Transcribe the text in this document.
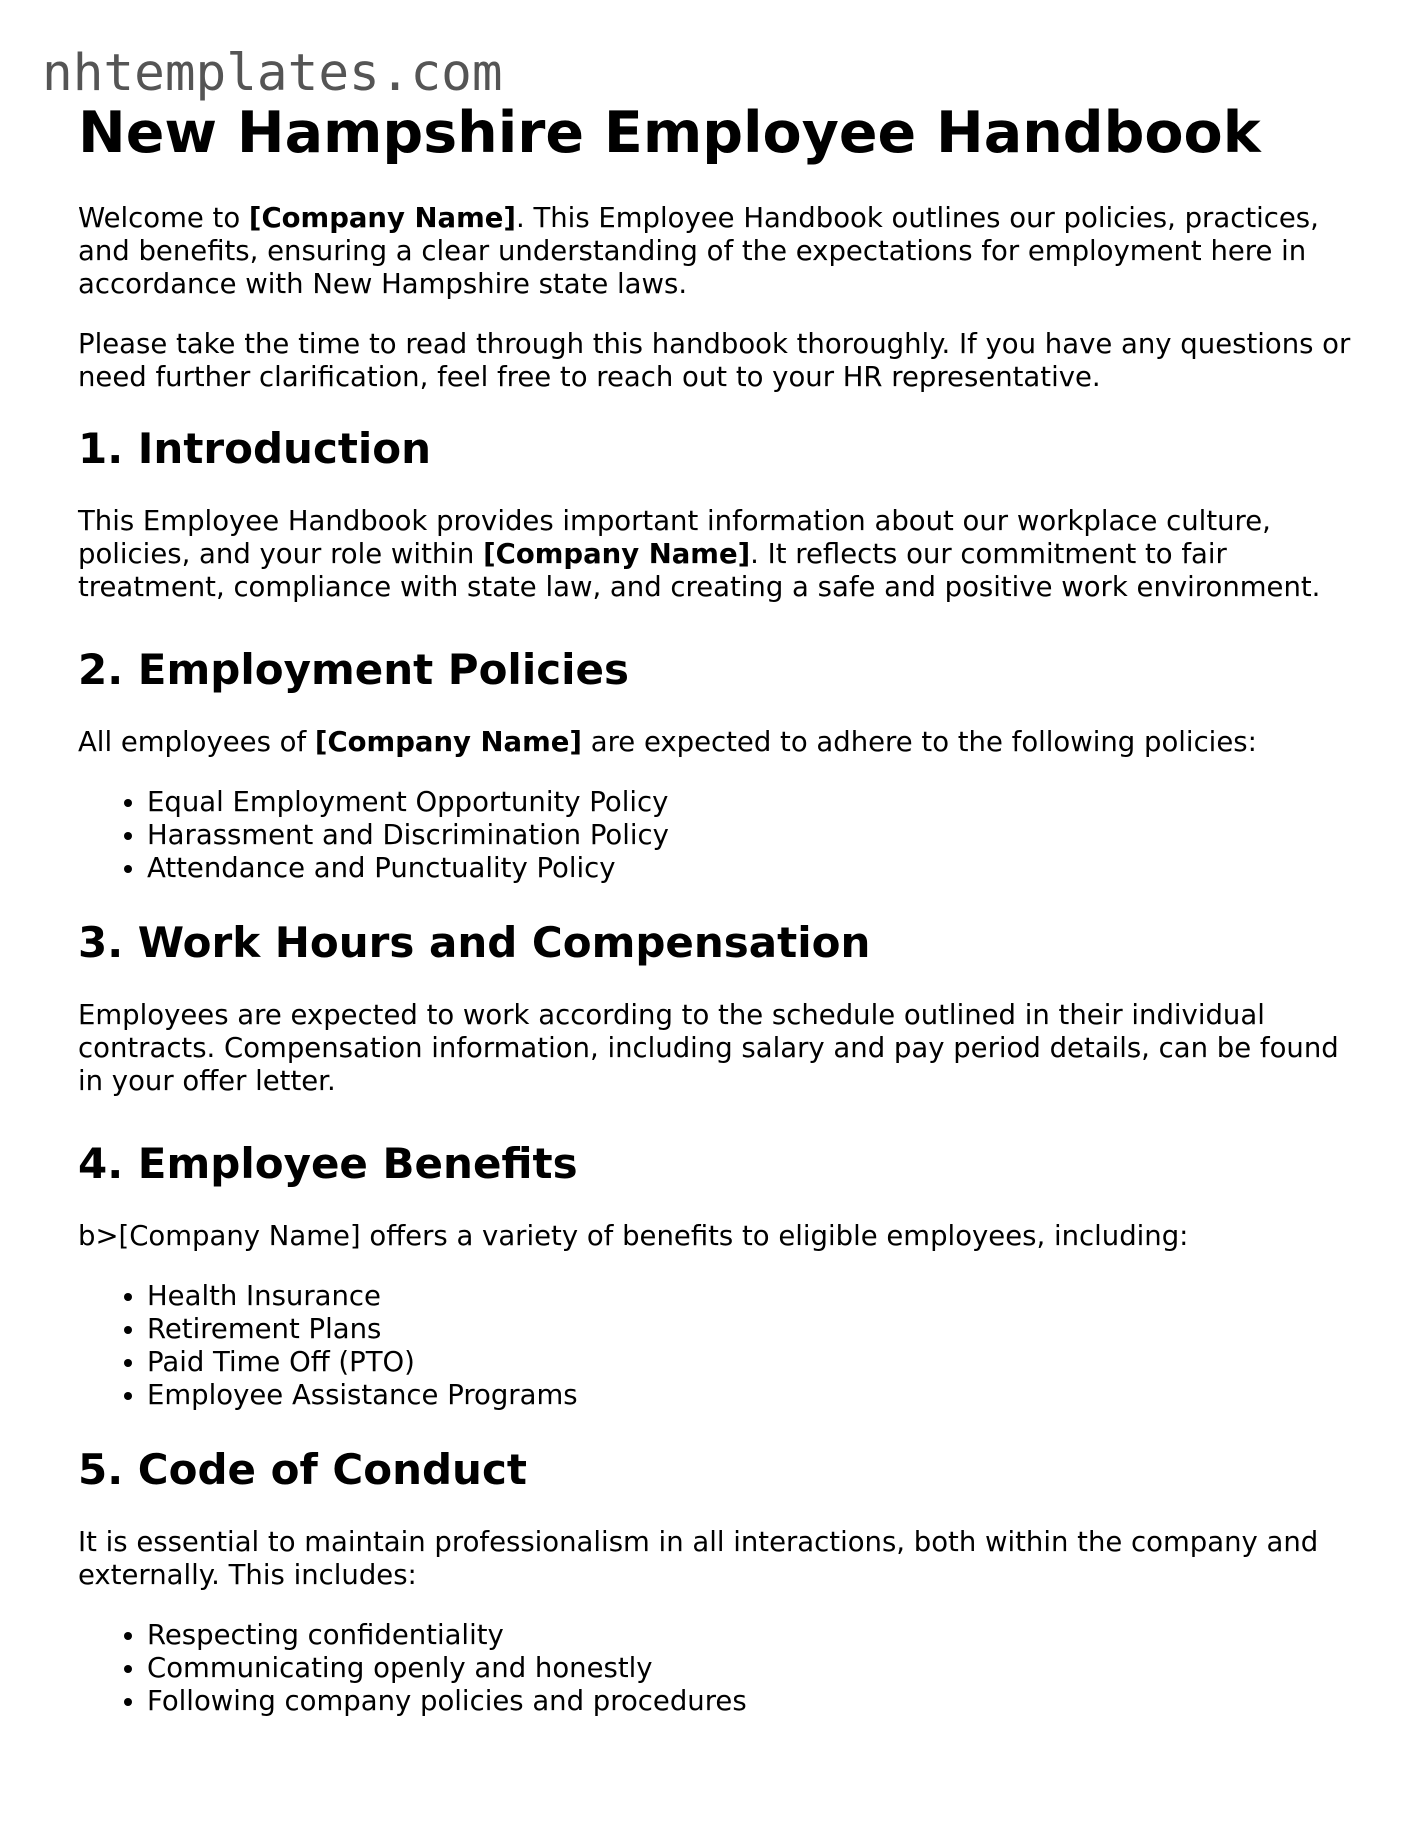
nhtemplates.com
New Hampshire Employee Handbook

Welcome to [Company Name]. This Employee Handbook outlines our policies, practices, and benefits, ensuring a clear understanding of the expectations for employment here in accordance with New Hampshire state laws.

Please take the time to read through this handbook thoroughly. If you have any questions or need further clarification, feel free to reach out to your HR representative.

1. Introduction

This Employee Handbook provides important information about our workplace culture, policies, and your role within [Company Name]. It reflects our commitment to fair treatment, compliance with state law, and creating a safe and positive work environment.

2. Employment Policies

All employees of [Company Name] are expected to adhere to the following policies:

• Equal Employment Opportunity Policy
• Harassment and Discrimination Policy
• Attendance and Punctuality Policy
3. Work Hours and Compensation

Employees are expected to work according to the schedule outlined in their individual contracts. Compensation information, including salary and pay period details, can be found in your offer letter.

4. Employee Benefits

b>[Company Name] offers a variety of benefits to eligible employees, including:

• Health Insurance
• Retirement Plans
• Paid Time Off (PTO)
• Employee Assistance Programs
5. Code of Conduct

It is essential to maintain professionalism in all interactions, both within the company and externally. This includes:

• Respecting confidentiality
• Communicating openly and honestly
• Following company policies and procedures
